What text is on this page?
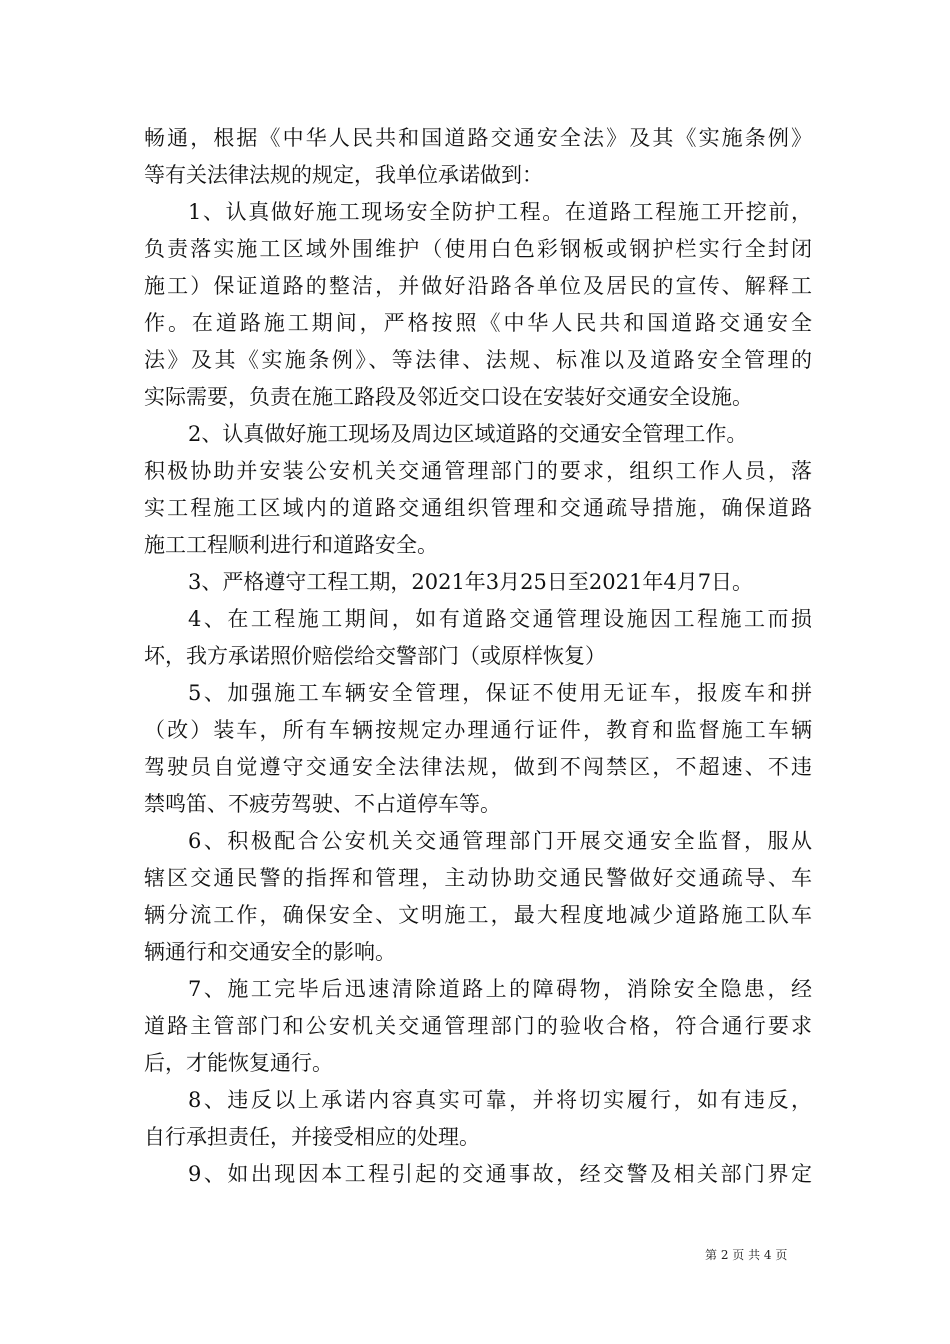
畅通，根据《中华人民共和国道路交通安全法》及其《实施条例》
等有关法律法规的规定，我单位承诺做到：
1、认真做好施工现场安全防护工程。在道路工程施工开挖前，
负责落实施工区域外围维护（使用白色彩钢板或钢护栏实行全封闭
施工）保证道路的整洁，并做好沿路各单位及居民的宣传、解释工
作。在道路施工期间，严格按照《中华人民共和国道路交通安全
法》及其《实施条例》、等法律、法规、标准以及道路安全管理的
实际需要，负责在施工路段及邻近交口设在安装好交通安全设施。
2、认真做好施工现场及周边区域道路的交通安全管理工作。
积极协助并安装公安机关交通管理部门的要求，组织工作人员，落
实工程施工区域内的道路交通组织管理和交通疏导措施，确保道路
施工工程顺利进行和道路安全。
3、严格遵守工程工期，2021年3月25日至2021年4月7日。
4、在工程施工期间，如有道路交通管理设施因工程施工而损
坏，我方承诺照价赔偿给交警部门（或原样恢复）
5、加强施工车辆安全管理，保证不使用无证车，报废车和拼
（改）装车，所有车辆按规定办理通行证件，教育和监督施工车辆
驾驶员自觉遵守交通安全法律法规，做到不闯禁区，不超速、不违
禁鸣笛、不疲劳驾驶、不占道停车等。
6、积极配合公安机关交通管理部门开展交通安全监督，服从
辖区交通民警的指挥和管理，主动协助交通民警做好交通疏导、车
辆分流工作，确保安全、文明施工，最大程度地减少道路施工队车
辆通行和交通安全的影响。
7、施工完毕后迅速清除道路上的障碍物，消除安全隐患，经
道路主管部门和公安机关交通管理部门的验收合格，符合通行要求
后，才能恢复通行。
8、违反以上承诺内容真实可靠，并将切实履行，如有违反，
自行承担责任，并接受相应的处理。
9、如出现因本工程引起的交通事故，经交警及相关部门界定
第 2 页 共 4 页
